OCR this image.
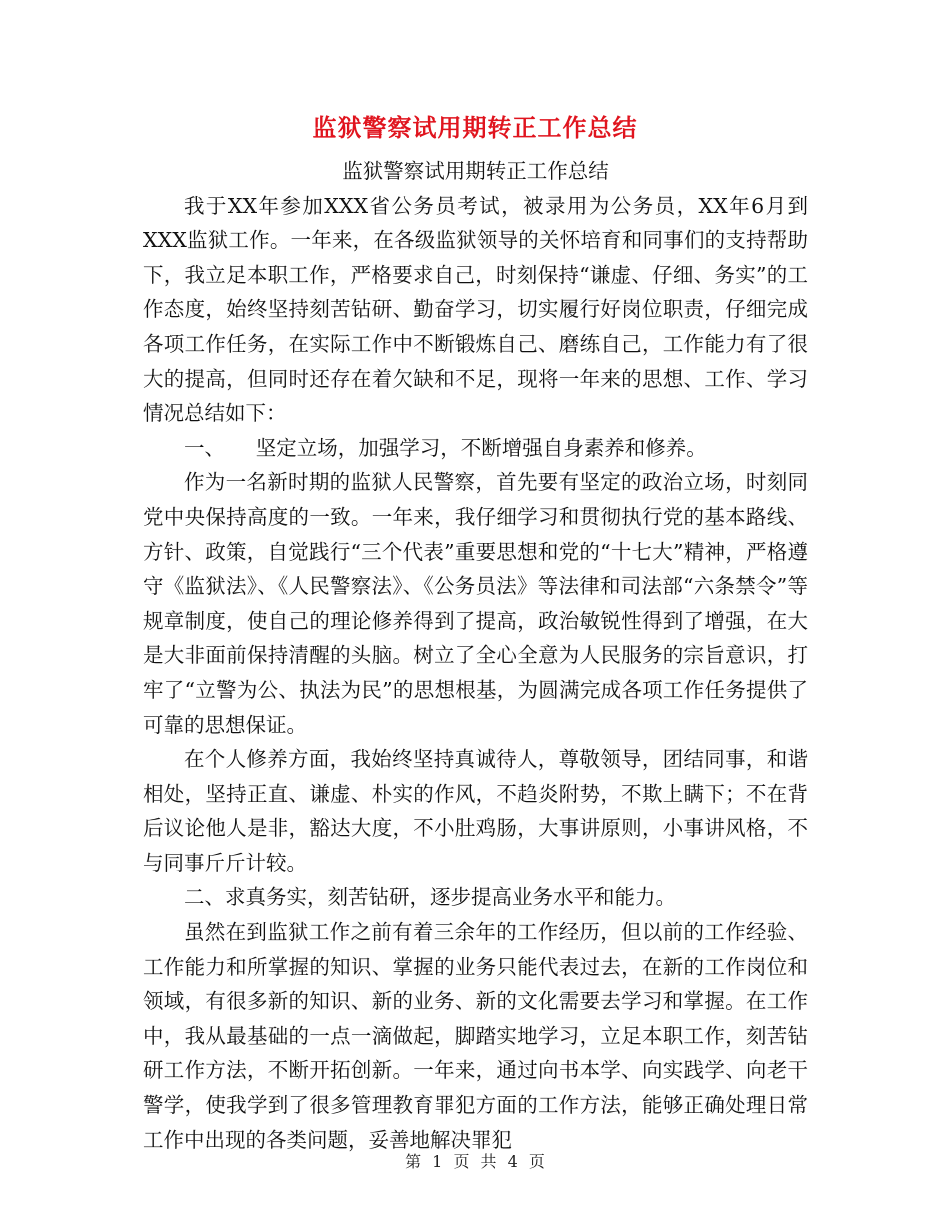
监狱警察试用期转正工作总结

监狱警察试用期转正工作总结

我于XX年参加XXX省公务员考试，被录用为公务员，XX年6月到XXX监狱工作。一年来，在各级监狱领导的关怀培育和同事们的支持帮助下，我立足本职工作，严格要求自己，时刻保持“谦虚、仔细、务实”的工作态度，始终坚持刻苦钻研、勤奋学习，切实履行好岗位职责，仔细完成各项工作任务，在实际工作中不断锻炼自己、磨练自己，工作能力有了很大的提高，但同时还存在着欠缺和不足，现将一年来的思想、工作、学习情况总结如下：

一、　　坚定立场，加强学习，不断增强自身素养和修养。

作为一名新时期的监狱人民警察，首先要有坚定的政治立场，时刻同党中央保持高度的一致。一年来，我仔细学习和贯彻执行党的基本路线、方针、政策，自觉践行“三个代表”重要思想和党的“十七大”精神，严格遵守《监狱法》、《人民警察法》、《公务员法》等法律和司法部“六条禁令”等规章制度，使自己的理论修养得到了提高，政治敏锐性得到了增强，在大是大非面前保持清醒的头脑。树立了全心全意为人民服务的宗旨意识，打牢了“立警为公、执法为民”的思想根基，为圆满完成各项工作任务提供了可靠的思想保证。

在个人修养方面，我始终坚持真诚待人，尊敬领导，团结同事，和谐相处，坚持正直、谦虚、朴实的作风，不趋炎附势，不欺上瞒下；不在背后议论他人是非，豁达大度，不小肚鸡肠，大事讲原则，小事讲风格，不与同事斤斤计较。

二、求真务实，刻苦钻研，逐步提高业务水平和能力。

虽然在到监狱工作之前有着三余年的工作经历，但以前的工作经验、工作能力和所掌握的知识、掌握的业务只能代表过去，在新的工作岗位和领域，有很多新的知识、新的业务、新的文化需要去学习和掌握。在工作中，我从最基础的一点一滴做起，脚踏实地学习，立足本职工作，刻苦钻研工作方法，不断开拓创新。一年来，通过向书本学、向实践学、向老干警学，使我学到了很多管理教育罪犯方面的工作方法，能够正确处理日常工作中出现的各类问题，妥善地解决罪犯

第 1 页 共 4 页
